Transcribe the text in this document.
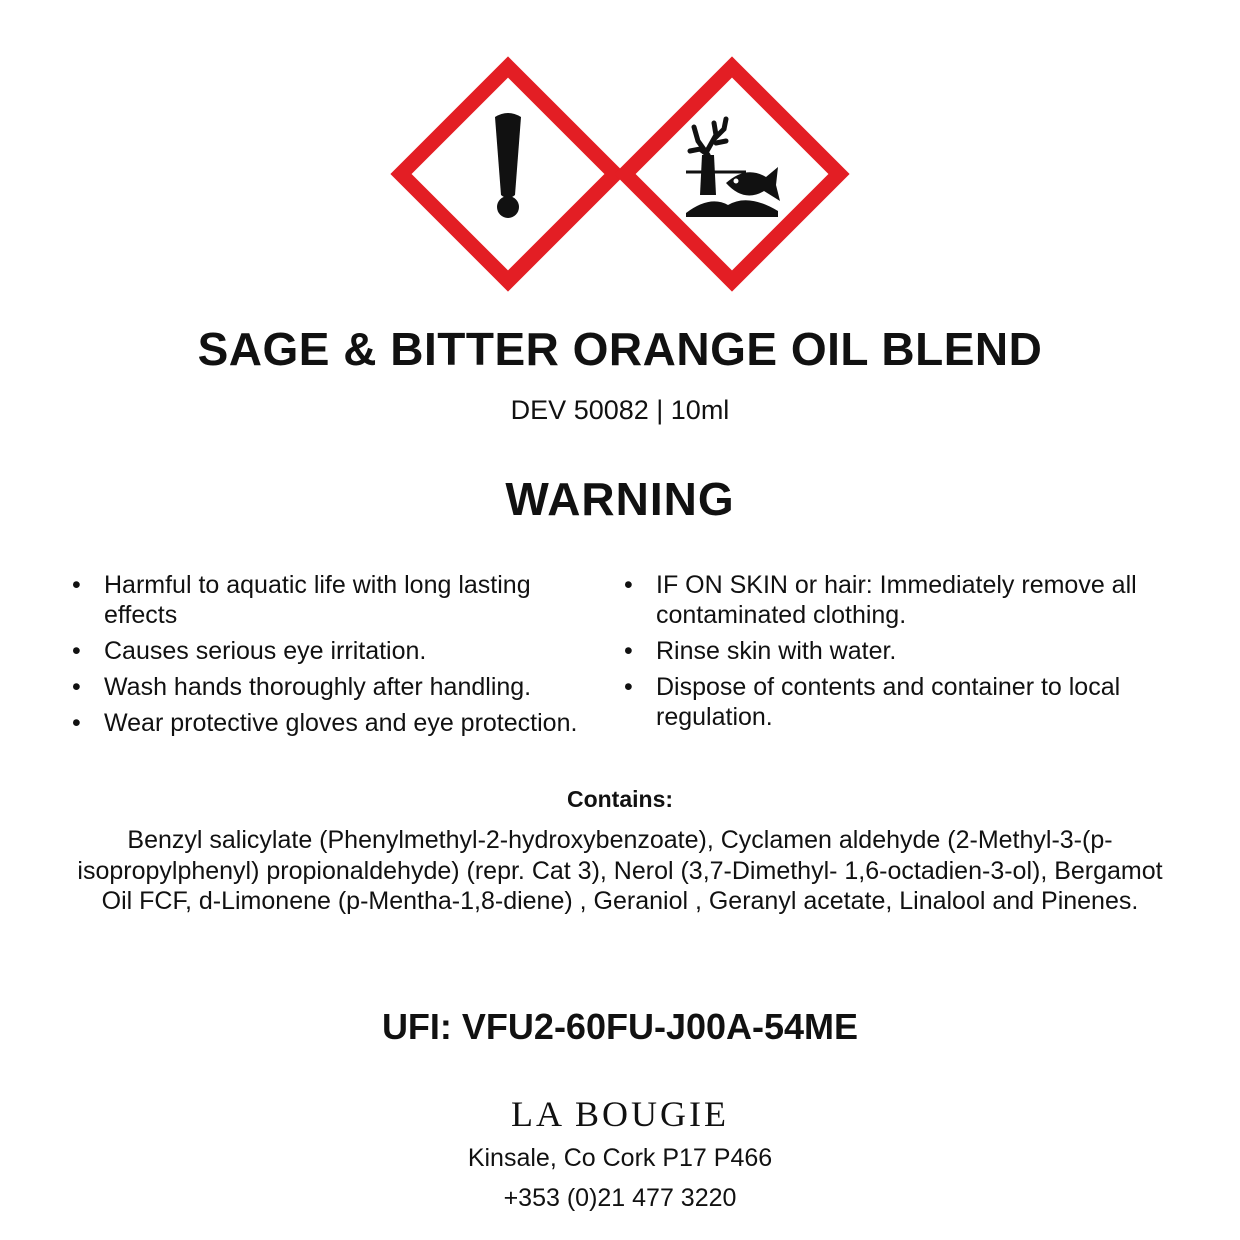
SAGE & BITTER ORANGE OIL BLEND
DEV 50082 | 10ml
WARNING
• Harmful to aquatic life with long lasting effects
• Causes serious eye irritation.
• Wash hands thoroughly after handling.
• Wear protective gloves and eye protection.
• IF ON SKIN or hair: Immediately remove all contaminated clothing.
• Rinse skin with water.
• Dispose of contents and container to local regulation.
Contains:
Benzyl salicylate (Phenylmethyl-2-hydroxybenzoate), Cyclamen aldehyde (2-Methyl-3-(p-isopropylphenyl) propionaldehyde) (repr. Cat 3), Nerol (3,7-Dimethyl- 1,6-octadien-3-ol), Bergamot Oil FCF, d-Limonene (p-Mentha-1,8-diene) , Geraniol , Geranyl acetate, Linalool and Pinenes.
UFI: VFU2-60FU-J00A-54ME
LA BOUGIE
Kinsale, Co Cork P17 P466
+353 (0)21 477 3220
